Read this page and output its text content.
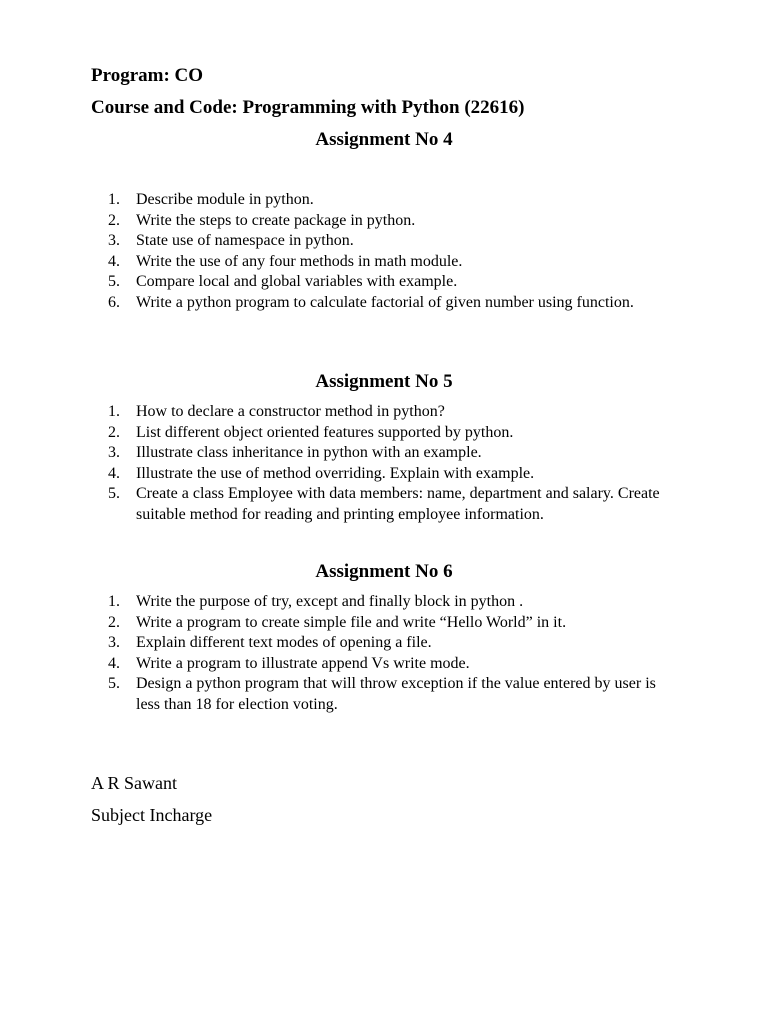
Program: CO
Course and Code: Programming with Python (22616)
Assignment No 4
1.	Describe module in python.
2.	Write the steps to create package in python.
3.	State use of namespace in python.
4.	Write the use of any four methods in math module.
5.	Compare local and global variables with example.
6.	Write a python program to calculate factorial of given number using function.
Assignment No 5
1.	How to declare a constructor method in python?
2.	List different object oriented features supported by python.
3.	Illustrate class inheritance in python with an example.
4.	Illustrate the use of method overriding. Explain with example.
5.	Create a class Employee with data members: name, department and salary. Create suitable method for reading and printing employee information.
Assignment No 6
1.	Write the purpose of try, except and finally block in python .
2.	Write a program to create simple file and write “Hello World” in it.
3.	Explain different text modes of opening a file.
4.	Write a program to illustrate append Vs write mode.
5.	Design a python program that will throw exception if the value entered by user is less than 18 for election voting.
A R Sawant
Subject Incharge
